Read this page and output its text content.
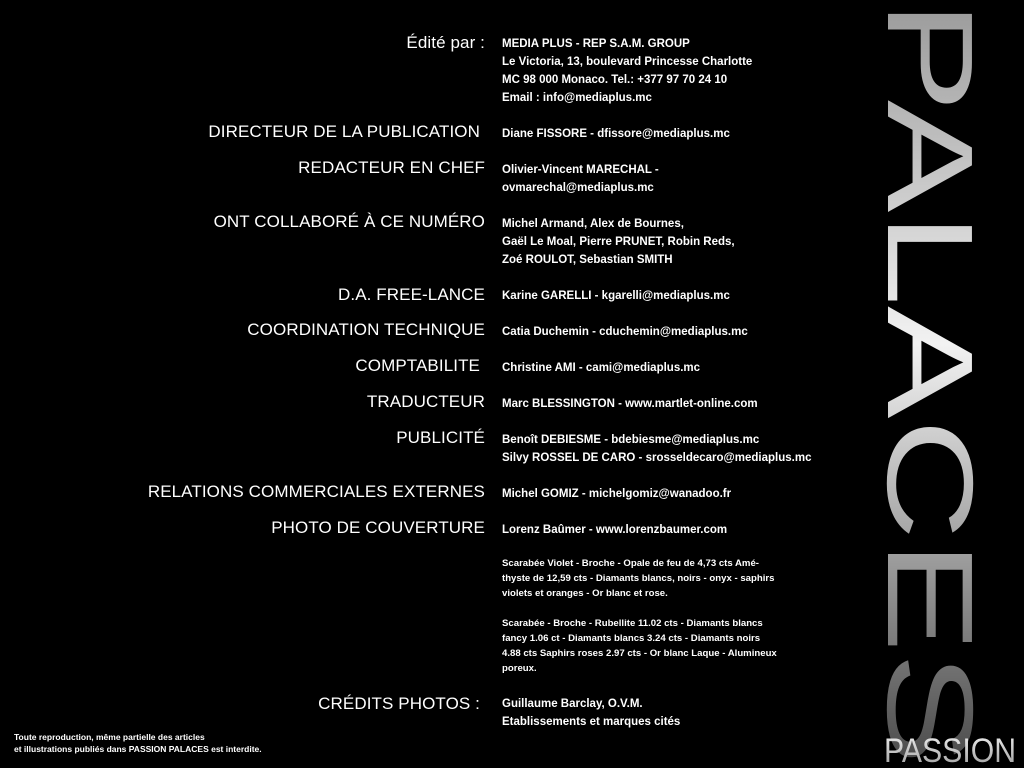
Édité par : MEDIA PLUS - REP S.A.M. GROUP
Le Victoria, 13, boulevard Princesse Charlotte
MC 98 000 Monaco. Tel.: +377 97 70 24 10
Email : info@mediaplus.mc
DIRECTEUR DE LA PUBLICATION Diane FISSORE - dfissore@mediaplus.mc
REDACTEUR EN CHEF Olivier-Vincent MARECHAL -
ovmarechal@mediaplus.mc
ONT COLLABORÉ À CE NUMÉRO Michel Armand, Alex de Bournes,
Gaël Le Moal, Pierre PRUNET, Robin Reds,
Zoé ROULOT, Sebastian SMITH
D.A. FREE-LANCE Karine GARELLI - kgarelli@mediaplus.mc
COORDINATION TECHNIQUE Catia Duchemin - cduchemin@mediaplus.mc
COMPTABILITE Christine AMI - cami@mediaplus.mc
TRADUCTEUR Marc BLESSINGTON - www.martlet-online.com
PUBLICITÉ Benoît DEBIESME - bdebiesme@mediaplus.mc
Silvy ROSSEL DE CARO - srosseldecaro@mediaplus.mc
RELATIONS COMMERCIALES EXTERNES Michel GOMIZ - michelgomiz@wanadoo.fr
PHOTO DE COUVERTURE Lorenz Baûmer - www.lorenzbaumer.com
Scarabée Violet - Broche - Opale de feu de 4,73 cts Amé-
thyste de 12,59 cts - Diamants blancs, noirs - onyx - saphirs
violets et oranges - Or blanc et rose.
Scarabée - Broche - Rubellite 11.02 cts - Diamants blancs
fancy 1.06 ct - Diamants blancs 3.24 cts - Diamants noirs
4.88 cts Saphirs roses 2.97 cts - Or blanc Laque - Alumineux
poreux.
CRÉDITS PHOTOS : Guillaume Barclay, O.V.M.
Etablissements et marques cités
Toute reproduction, même partielle des articles
et illustrations publiés dans PASSION PALACES est interdite.
PALACES
PASSION
